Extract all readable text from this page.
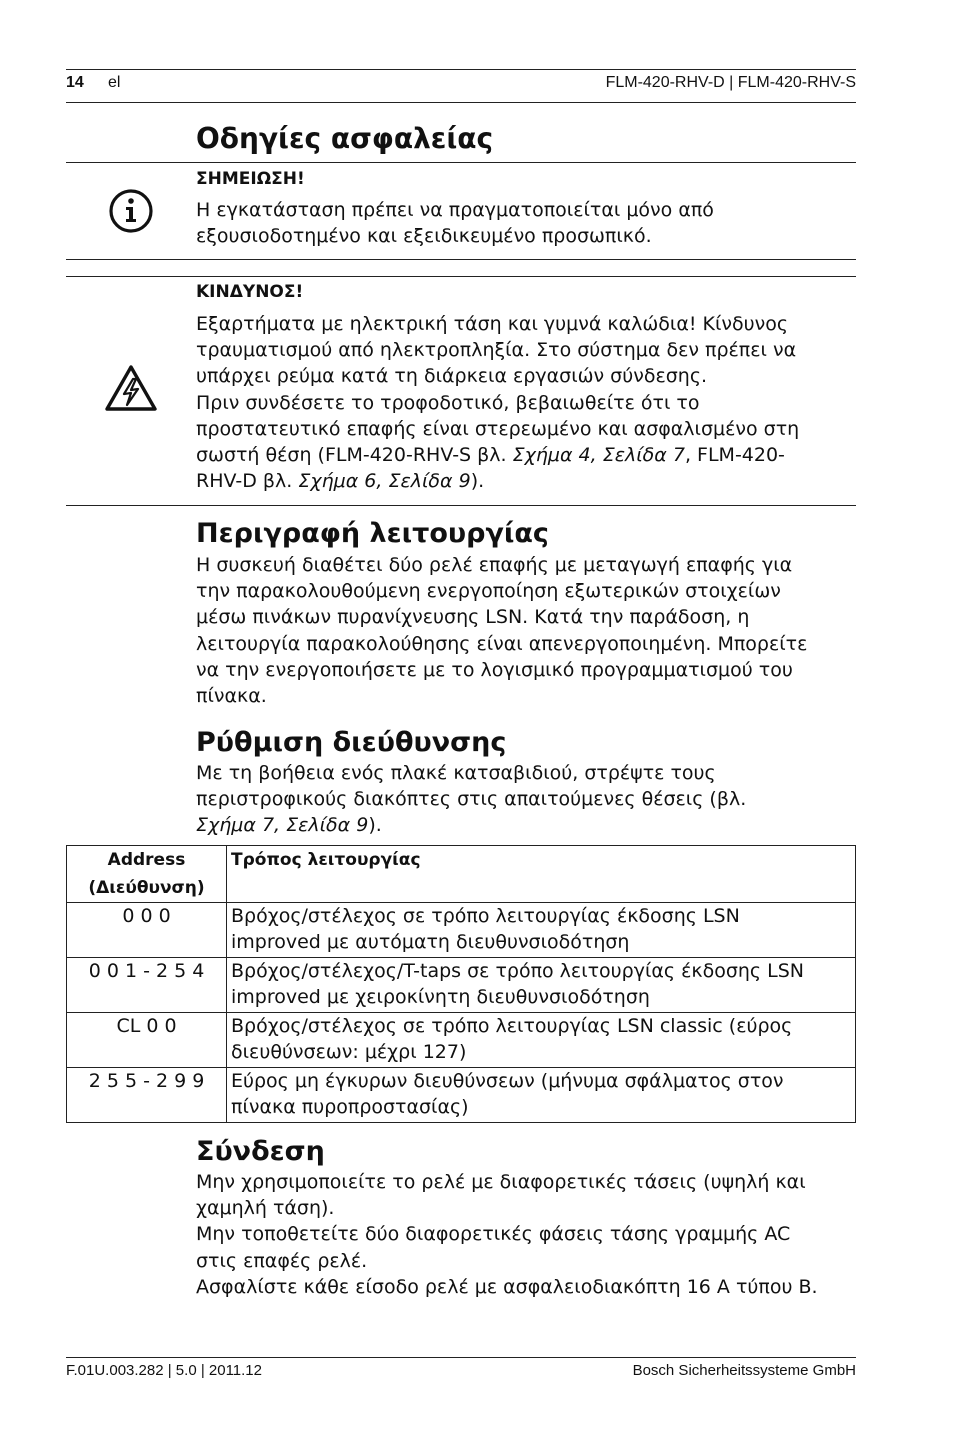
14 el	FLM-420-RHV-D | FLM-420-RHV-S
Οδηγίες ασφαλείας
ΣΗΜΕΙΩΣΗ!
Η εγκατάσταση πρέπει να πραγματοποιείται μόνο από
εξουσιοδοτημένο και εξειδικευμένο προσωπικό.
ΚΙΝΔΥΝΟΣ!
Εξαρτήματα με ηλεκτρική τάση και γυμνά καλώδια! Κίνδυνος
τραυματισμού από ηλεκτροπληξία. Στο σύστημα δεν πρέπει να
υπάρχει ρεύμα κατά τη διάρκεια εργασιών σύνδεσης.
Πριν συνδέσετε το τροφοδοτικό, βεβαιωθείτε ότι το
προστατευτικό επαφής είναι στερεωμένο και ασφαλισμένο στη
σωστή θέση (FLM-420-RHV-S βλ. Σχήμα 4, Σελίδα 7, FLM-420-
RHV-D βλ. Σχήμα 6, Σελίδα 9).
Περιγραφή λειτουργίας
Η συσκευή διαθέτει δύο ρελέ επαφής με μεταγωγή επαφής για
την παρακολουθούμενη ενεργοποίηση εξωτερικών στοιχείων
μέσω πινάκων πυρανίχνευσης LSN. Κατά την παράδοση, η
λειτουργία παρακολούθησης είναι απενεργοποιημένη. Μπορείτε
να την ενεργοποιήσετε με το λογισμικό προγραμματισμού του
πίνακα.
Ρύθμιση διεύθυνσης
Με τη βοήθεια ενός πλακέ κατσαβιδιού, στρέψτε τους
περιστροφικούς διακόπτες στις απαιτούμενες θέσεις (βλ.
Σχήμα 7, Σελίδα 9).
Address
(Διεύθυνση)	Τρόπος λειτουργίας
0 0 0	Βρόχος/στέλεχος σε τρόπο λειτουργίας έκδοσης LSN
improved με αυτόματη διευθυνσιοδότηση

0 0 1 - 2 5 4	Βρόχος/στέλεχος/T-taps σε τρόπο λειτουργίας έκδοσης LSN
improved με χειροκίνητη διευθυνσιοδότηση

CL 0 0	Βρόχος/στέλεχος σε τρόπο λειτουργίας LSN classic (εύρος
διευθύνσεων: μέχρι 127)

2 5 5 - 2 9 9	Εύρος μη έγκυρων διευθύνσεων (μήνυμα σφάλματος στον
πίνακα πυροπροστασίας)
Σύνδεση
Μην χρησιμοποιείτε το ρελέ με διαφορετικές τάσεις (υψηλή και
χαμηλή τάση).
Μην τοποθετείτε δύο διαφορετικές φάσεις τάσης γραμμής AC
στις επαφές ρελέ.
Ασφαλίστε κάθε είσοδο ρελέ με ασφαλειοδιακόπτη 16 A τύπου B.
F.01U.003.282 | 5.0 | 2011.12	Bosch Sicherheitssysteme GmbH
